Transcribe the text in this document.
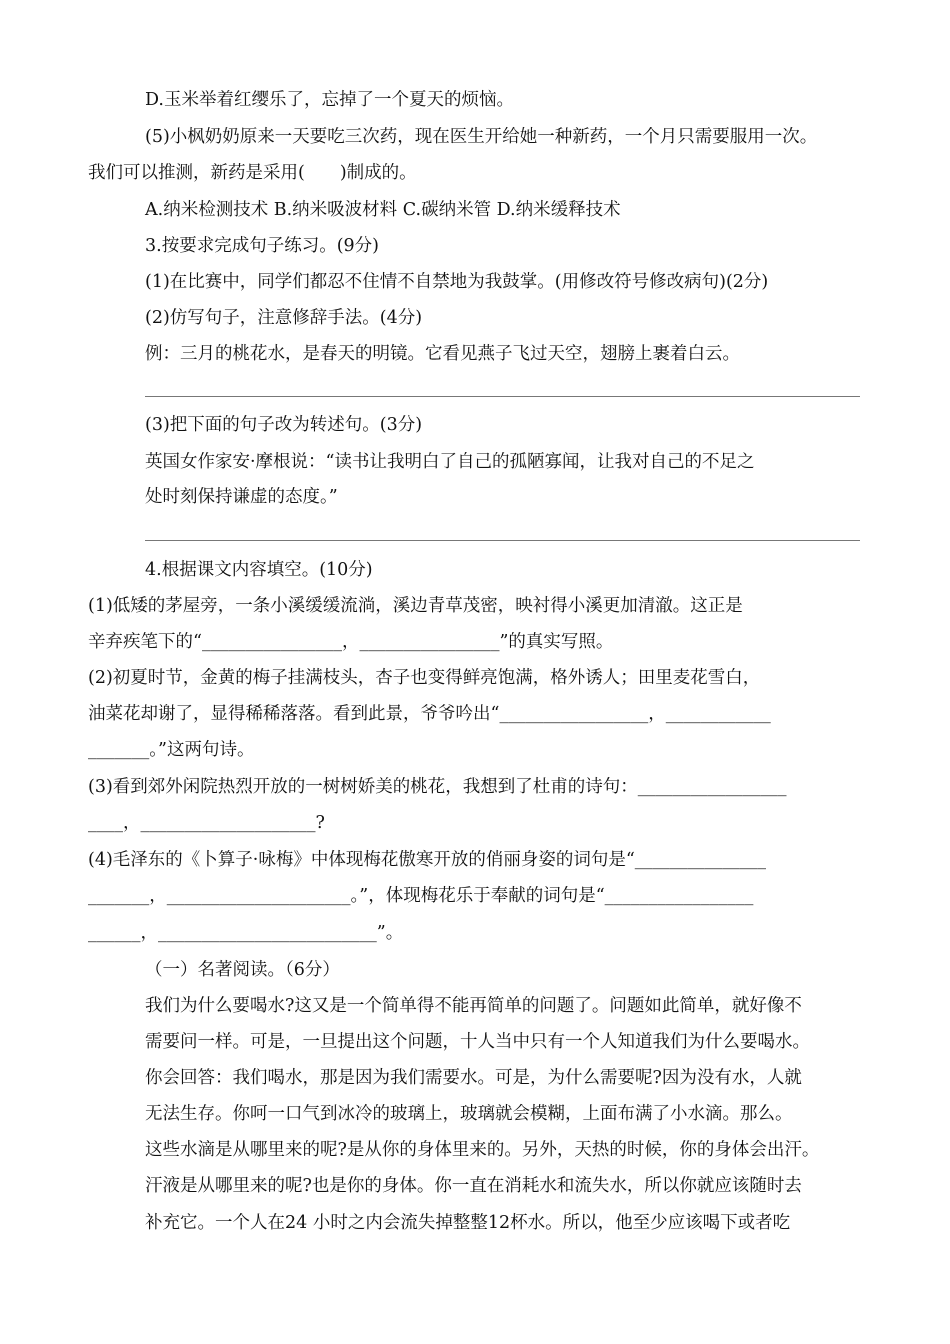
D.玉米举着红缨乐了，忘掉了一个夏天的烦恼。
(5)小枫奶奶原来一天要吃三次药，现在医生开给她一种新药，一个月只需要服用一次。
我们可以推测，新药是采用(　　)制成的。
A.纳米检测技术 B.纳米吸波材料 C.碳纳米管 D.纳米缓释技术
3.按要求完成句子练习。(9分)
(1)在比赛中，同学们都忍不住情不自禁地为我鼓掌。(用修改符号修改病句)(2分)
(2)仿写句子，注意修辞手法。(4分)
例：三月的桃花水，是春天的明镜。它看见燕子飞过天空，翅膀上裹着白云。
(3)把下面的句子改为转述句。(3分)
英国女作家安·摩根说：“读书让我明白了自己的孤陋寡闻，让我对自己的不足之
处时刻保持谦虚的态度。”
4.根据课文内容填空。(10分)
(1)低矮的茅屋旁，一条小溪缓缓流淌，溪边青草茂密，映衬得小溪更加清澈。这正是
辛弃疾笔下的“________________，________________”的真实写照。
(2)初夏时节，金黄的梅子挂满枝头，杏子也变得鲜亮饱满，格外诱人；田里麦花雪白，
油菜花却谢了，显得稀稀落落。看到此景，爷爷吟出“_________________，____________
_______。”这两句诗。
(3)看到郊外闲院热烈开放的一树树娇美的桃花，我想到了杜甫的诗句：_________________
____，____________________?
(4)毛泽东的《卜算子·咏梅》中体现梅花傲寒开放的俏丽身姿的词句是“_______________
_______，_____________________。”，体现梅花乐于奉献的词句是“_________________
______，_________________________”。
（一）名著阅读。（6分）
我们为什么要喝水?这又是一个简单得不能再简单的问题了。问题如此简单，就好像不
需要问一样。可是，一旦提出这个问题，十人当中只有一个人知道我们为什么要喝水。
你会回答：我们喝水，那是因为我们需要水。可是，为什么需要呢?因为没有水，人就
无法生存。你呵一口气到冰冷的玻璃上，玻璃就会模糊，上面布满了小水滴。那么。
这些水滴是从哪里来的呢?是从你的身体里来的。另外，天热的时候，你的身体会出汗。
汗液是从哪里来的呢?也是你的身体。你一直在消耗水和流失水，所以你就应该随时去
补充它。一个人在24 小时之内会流失掉整整12杯水。所以，他至少应该喝下或者吃
